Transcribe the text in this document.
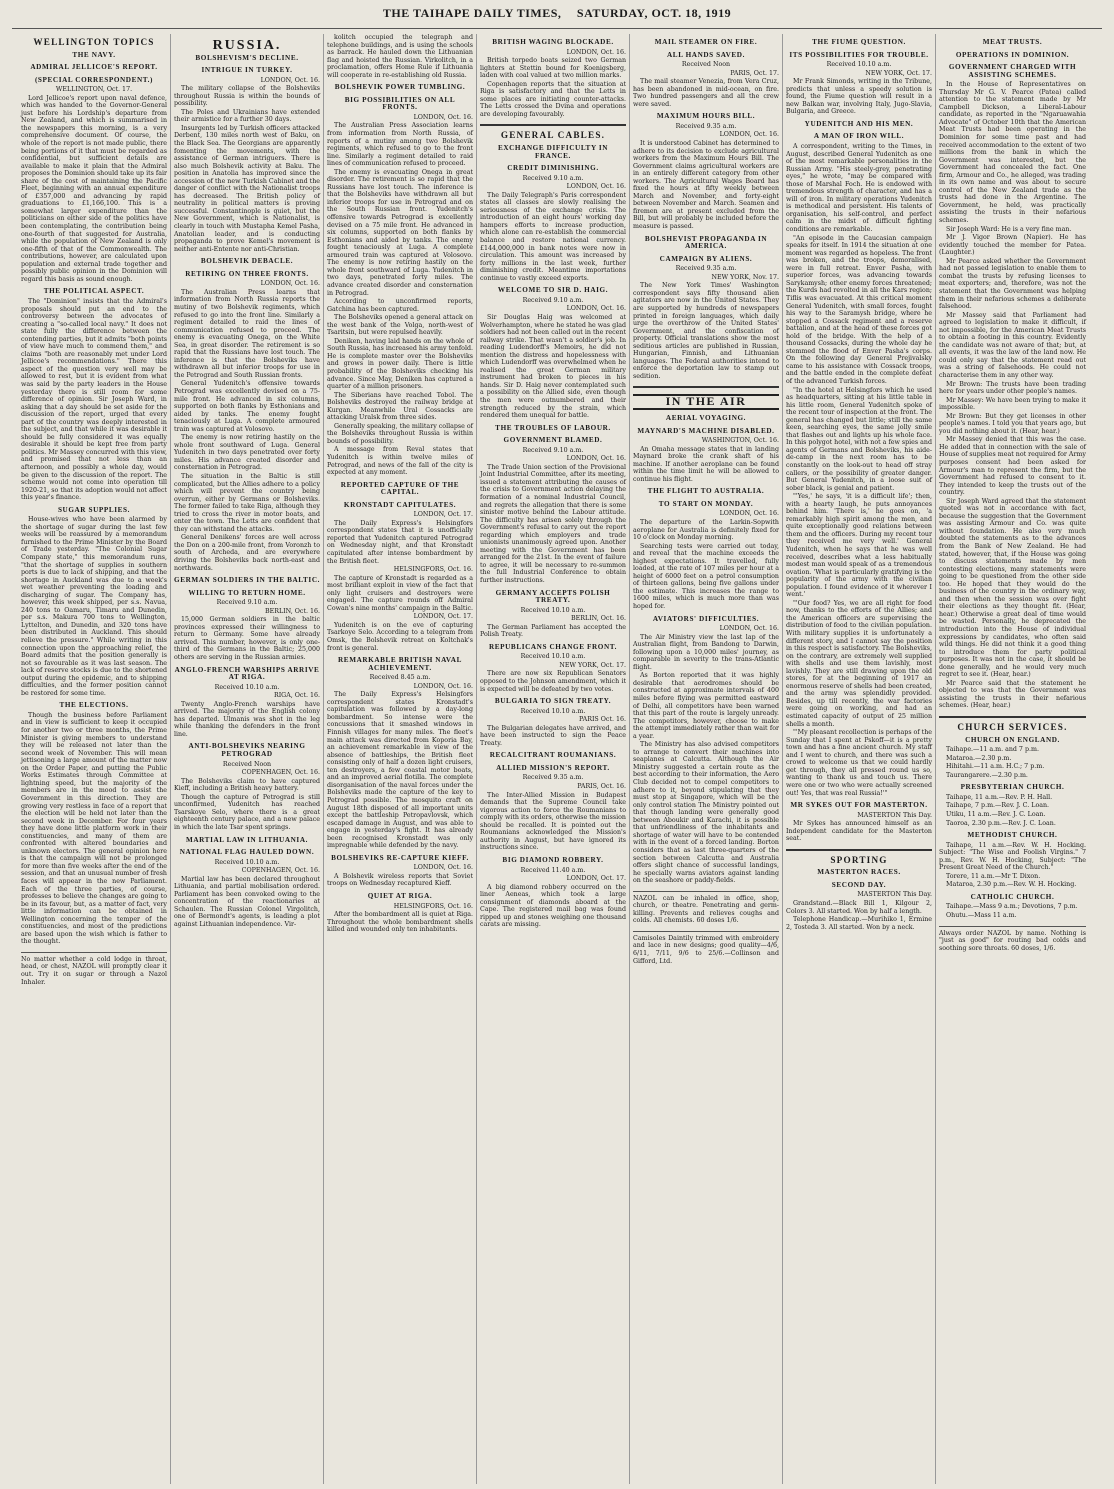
THE TAIHAPE DAILY TIMES, SATURDAY, OCT. 18, 1919
WELLINGTON TOPICS
THE NAVY.
ADMIRAL JELLICOE'S REPORT.
(SPECIAL CORRESPONDENT.)

WELLINGTON, Oct. 17.

Lord Jellicoe's report upon naval defence, which was handed to the Governor-General just before his Lordship's departure from New Zealand, and which is summarised in the newspapers this morning, is a very comprehensive document. Of course, the whole of the report is not made public, there being portions of it that must be regarded as confidential, but sufficient details are available to make it plain that the Admiral proposes the Dominion should take up its fair share of the cost of maintaining the Pacific Fleet, beginning with an annual expenditure of £357,000 and advancing by rapid graduations to £1,166,100. This is a somewhat larger expenditure than the politicians on either side of the politics have been contemplating, the contribution being one-fourth of that suggested for Australia, while the population of New Zealand is only one-fifth of that of the Commonwealth. The contributions, however, are calculated upon population and external trade together and possibly public opinion in the Dominion will regard this basis as sound enough.

THE POLITICAL ASPECT.

The "Dominion" insists that the Admiral's proposals should put an end to the controversy between the advocates of creating a "so-called local navy." It does not state fully the difference between the contending parties, but it admits "both points of view have much to commend them," and claims "both are reasonably met under Lord Jellicoe's recommendations." There this aspect of the question very well may be allowed to rest, but it is evident from what was said by the party leaders in the House yesterday there is still room for some difference of opinion. Sir Joseph Ward, in asking that a day should be set aside for the discussion of the report, urged that every part of the country was deeply interested in the subject, and that while it was desirable it should be fully considered it was equally desirable it should be kept free from party politics. Mr Massey concurred with this view, and promised that not less than an afternoon, and possibly a whole day, would be given to the discussion of the report. The scheme would not come into operation till 1920-21, so that its adoption would not affect this year's finance.

SUGAR SUPPLIES.

House-wives who have been alarmed by the shortage of sugar during the last few weeks will be reassured by a memorandum furnished to the Prime Minister by the Board of Trade yesterday. "The Colonial Sugar Company state," this memorandum runs, "that the shortage of supplies in southern ports is due to lack of shipping, and that the shortage in Auckland was due to a week's wet weather preventing the loading and discharging of sugar. The Company has, however, this week shipped, per s.s. Navua, 240 tons to Oamaru, Timaru and Dunedin, per s.s. Makura 700 tons to Wellington, Lyttelton, and Dunedin, and 320 tons have been distributed in Auckland. This should relieve the pressure." While writing in this connection upon the approaching relief, the Board admits that the position generally is not so favourable as it was last season. The lack of reserve stocks is due to the shortened output during the epidemic, and to shipping difficulties, and the former position cannot be restored for some time.

THE ELECTIONS.

Though the business before Parliament and in view is sufficient to keep it occupied for another two or three months, the Prime Minister is giving members to understand they will be released not later than the second week of November. This will mean jettisoning a large amount of the matter now on the Order Paper, and putting the Public Works Estimates through Committee at lightning speed, but the majority of the members are in the mood to assist the Government in this direction. They are growing very restless in face of a report that the election will be held not later than the second week in December. For four years they have done little platform work in their constituencies, and many of them are confronted with altered boundaries and unknown electors. The general opinion here is that the campaign will not be prolonged for more than five weeks after the end of the session, and that an unusual number of fresh faces will appear in the new Parliament. Each of the three parties, of course, professes to believe the changes are going to be in its favour, but, as a matter of fact, very little information can be obtained in Wellington concerning the temper of the constituencies, and most of the predictions are based upon the wish which is father to the thought.

No matter whether a cold lodge in throat, head, or chest, NAZOL will promptly clear it out. Try it on sugar or through a Nazol Inhaler.
RUSSIA.
BOLSHEVISM'S DECLINE.
INTRIGUE IN TURKEY.

LONDON, Oct. 16.

The military collapse of the Bolsheviks throughout Russia is within the bounds of possibility.

The Poles and Ukrainians have extended their armistice for a further 30 days.

Insurgents led by Turkish officers attacked Derbent, 130 miles north west of Baku, on the Black Sea. The Georgians are apparently fomenting the movements, with the assistance of German intriguers. There is also much Bolshevik activity at Baku. The position in Anatolia has improved since the accession of the new Turkish Cabinet and the danger of conflict with the Nationalist troops has decreased. The British policy of neutrality in political matters is proving successful. Constantinople is quiet, but the New Government, which is Nationalist, is clearly in touch with Mustapha Kemel Pasha, Anatolian leader, and is conducting propaganda to prove Kemel's movement is neither anti-Entente nor anti-Christian.

BOLSHEVIK DEBACLE.
RETIRING ON THREE FRONTS.

LONDON, Oct. 16.

The Australian Press learns that information from North Russia reports the mutiny of two Bolshevik regiments, which refused to go into the front line. Similarly a regiment detailed to raid the lines of communication refused to proceed. The enemy is evacuating Onega, on the White Sea, in great disorder. The retirement is so rapid that the Russians have lost touch. The inference is that the Bolsheviks have withdrawn all but inferior troops for use in the Petrograd and South Russian fronts.

General Yudenitch's offensive towards Petrograd was excellently devised on a 75-mile front. He advanced in six columns, supported on both flanks by Esthonians and aided by tanks. The enemy fought tenaciously at Luga. A complete armoured train was captured at Volosovo.

The enemy is now retiring hastily on the whole front southward of Luga. General Yudenitch in two days penetrated over forty miles. His advance created disorder and consternation in Petrograd.

The situation in the Baltic is still complicated, but the Allies adhere to a policy which will prevent the country being overrun, either by Germans or Bolsheviks. The former failed to take Riga, although they tried to cross the river in motor boats, and enter the town. The Letts are confident that they can withstand the attacks.

General Denikens' forces are well across the Don on a 200-mile front, from Voronzh to south of Archeda, and are everywhere driving the Bolsheviks back north-east and northwards.

GERMAN SOLDIERS IN THE BALTIC.
WILLING TO RETURN HOME.

Received 9.10 a.m.

BERLIN, Oct. 16.

15,000 German soldiers in the baltic provinces expressed their willingness to return to Germany. Some have already arrived. This number, however, is only one-third of the Germans in the Baltic; 25,000 others are serving in the Russian armies.

ANGLO-FRENCH WARSHIPS ARRIVE AT RIGA.

Received 10.10 a.m.

RIGA, Oct. 16.

Twenty Anglo-French warships have arrived. The majority of the English colony has departed. Ulmanis was shot in the leg while thanking the defenders in the front line.

ANTI-BOLSHEVIKS NEARING PETROGRAD

Received Noon

COPENHAGEN, Oct. 16.

The Bolsheviks claim to have captured Kieff, including a British heavy battery.

Though the capture of Petrograd is still unconfirmed, Yudenitch has reached Tsarskoye Selo, where there is a great eighteenth century palace, and a new palace in which the late Tsar spent springs.

MARTIAL LAW IN LITHUANIA.
NATIONAL FLAG HAULED DOWN.

Received 10.10 a.m.

COPENHAGEN, Oct. 16.

Martial law has been declared throughout Lithuania, and partial mobilisation ordered. Parliament has been convoked owing to the concentration of the reactionaries at Schaulen. The Russian Colonel Virgolitch, one of Bermondt's agents, is leading a plot against Lithuanian independence. Vir-

kolitch occupied the telegraph and telephone buildings, and is using the schools as barrack. He hauled down the Lithuanian flag and hoisted the Russian. Virkolitch, in a proclamation, offers Home Rule if Lithuania will cooperate in re-establishing old Russia.

BOLSHEVIK POWER TUMBLING.
BIG POSSIBILITIES ON ALL FRONTS.

LONDON, Oct. 16.

The Australian Press Association learns from information from North Russia, of reports of a mutiny among two Bolshevik regiments, which refused to go to the front line. Similarly a regiment detailed to raid lines of communication refused to proceed.

The enemy is evacuating Onega in great disorder. The retirement is so rapid that the Russians have lost touch. The inference is that the Bolsheviks have withdrawn all but inferior troops for use in Petrograd and on the South Russian front. Yudenitch's offensive towards Petrograd is excellently devised on a 75 mile front. He advanced in six columns, supported on both flanks by Esthonians and aided by tanks. The enemy fought tenaciously at Luga. A complete armoured train was captured at Volosovo. The enemy is now retiring hastily on the whole front southward of Luga. Yudenitch in two days, penetrated forty miles. The advance created disorder and consternation in Petrograd.

According to unconfirmed reports, Gatchina has been captured.

The Bolsheviks opened a general attack on the west bank of the Volga, north-west of Tsaritsin, but were repulsed heavily.

Deniken, having laid hands on the whole of South Russia, has increased his army tenfold. He is complete master over the Bolsheviks and grows in power daily. There is little probability of the Bolsheviks checking his advance. Since May, Deniken has captured a quarter of a million prisoners.

The Siberians have reached Tobol. The Bolsheviks destroyed the railway bridge at Kurgan. Meanwhile Ural Cossacks are attacking Uralsk from three sides.

Generally speaking, the military collapse of the Bolsheviks throughout Russia is within bounds of possibility.

A message from Reval states that Yudenitch is within twelve miles of Petrograd, and news of the fall of the city is expected at any moment.

REPORTED CAPTURE OF THE CAPITAL.
KRONSTADT CAPITULATES.

LONDON, Oct. 17.

The Daily Express's Helsingfors correspondent states that it is unofficially reported that Yudenitch captured Petrograd on Wednesday night, and that Kronstadt capitulated after intense bombardment by the British fleet.

HELSINGFORS, Oct. 16.

The capture of Kronstadt is regarded as a most brilliant exploit in view of the fact that only light cruisers and destroyers were engaged. The capture rounds off Admiral Cowan's nine months' campaign in the Baltic.

LONDON, Oct. 17.

Yudenitch is on the eve of capturing Tsarkoye Selo. According to a telegram from Omsk, the Bolshevik retreat on Koltchak's front is general.

REMARKABLE BRITISH NAVAL ACHIEVEMENT.

Received 8.45 a.m.

LONDON, Oct. 16.

The Daily Express's Helsingfors correspondent states Kronstadt's capitulation was followed by a day-long bombardment. So intense were the concussions that it smashed windows in Finnish villages for many miles. The fleet's main attack was directed from Koporia Bay, an achievement remarkable in view of the absence of battleships, the British fleet consisting only of half a dozen light cruisers, ten destroyers, a few coastal motor boats, and an improved aerial flotilla. The complete disorganisation of the naval forces under the Bolsheviks made the capture of the key to Petrograd possible. The mosquito craft on August 18th disposed of all important units except the battleship Petropavlovsk, which escaped damage in August, and was able to engage in yesterday's fight. It has already been recognised Kronstadt was only impregnable while defended by the navy.

BOLSHEVIKS RE-CAPTURE KIEFF.

LONDON, Oct. 16.

A Bolshevik wireless reports that Soviet troops on Wednesday recaptured Kieff.

QUIET AT RIGA.

HELSINGFORS, Oct. 16.

After the bombardment all is quiet at Riga. Throughout the whole bombardment shells killed and wounded only ten inhabitants.

BRITISH WAGING BLOCKADE.

LONDON, Oct. 16.

British torpedo boats seized two German lighters at Stettin bound for Koenigsberg, laden with coal valued at two million marks.

Copenhagen reports that the situation at Riga is satisfactory and that the Letts in some places are initiating counter-attacks. The Letts crossed the Dvina and operations are developing favourably.

GENERAL CABLES.
EXCHANGE DIFFICULTY IN FRANCE.
CREDIT DIMINISHING.

Received 9.10 a.m.

LONDON, Oct. 16.

The Daily Telegraph's Paris correspondent states all classes are slowly realising the seriousness of the exchange crisis. The introduction of an eight hours' working day hampers efforts to increase production, which alone can re-establish the commercial balance and restore national currency. £144,000,000 in bank notes were now in circulation. This amount was increased by forty millions in the last week, further diminishing credit. Meantime importations continue to vastly exceed exports.

WELCOME TO SIR D. HAIG.

Received 9.10 a.m.

LONDON, Oct. 16.

Sir Douglas Haig was welcomed at Wolverhampton, where he stated he was glad soldiers had not been called out in the recent railway strike. That wasn't a soldier's job. In reading Ludendorff's Memoirs, he did not mention the distress and hopelessness with which Ludendorff was overwhelmed when he realised the great German military instrument had broken to pieces in his hands. Sir D. Haig never contemplated such a possibility on the Allied side, even though the men were outnumbered and their strength reduced by the strain, which rendered them unequal for battle.

THE TROUBLES OF LABOUR.
GOVERNMENT BLAMED.

Received 9.10 a.m.

LONDON, Oct. 16.

The Trade Union section of the Provisional Joint Industrial Committee, after its meeting, issued a statement attributing the causes of the crisis to Government action delaying the formation of a nominal Industrial Council, and regrets the allegation that there is some sinister motive behind the Labour attitude. The difficulty has arisen solely through the Government's refusal to carry out the report regarding which employers and trade unionists unanimously agreed upon. Another meeting with the Government has been arranged for the 21st. In the event of failure to agree, it will be necessary to re-summon the full Industrial Conference to obtain further instructions.

GERMANY ACCEPTS POLISH TREATY.

Received 10.10 a.m.

BERLIN, Oct. 16.

The German Parliament has accepted the Polish Treaty.

REPUBLICANS CHANGE FRONT.

Received 10.10 a.m.

NEW YORK, Oct. 17.

There are now six Republican Senators opposed to the Johnson amendment, which it is expected will be defeated by two votes.

BULGARIA TO SIGN TREATY.

Received 10.10 a.m.

PARIS Oct. 16.

The Bulgarian delegates have arrived, and have been instructed to sign the Peace Treaty.

RECALCITRANT ROUMANIANS.
ALLIED MISSION'S REPORT.

Received 9.35 a.m.

PARIS, Oct. 16.

The Inter-Allied Mission in Budapest demands that the Supreme Council take vigorous action to force the Roumanians to comply with its orders, otherwise the mission should be recalled. It is pointed out the Roumanians acknowledged the Mission's authority in August, but have ignored its instructions since.

BIG DIAMOND ROBBERY.

Received 11.40 a.m.

LONDON, Oct. 17.

A big diamond robbery occurred on the liner Aeneas, which took a large consignment of diamonds aboard at the Cape. The registered mail bag was found ripped up and stones weighing one thousand carats are missing.

MAIL STEAMER ON FIRE.
ALL HANDS SAVED.

Received Noon

PARIS, Oct. 17.

The mail steamer Venezia, from Vera Cruz, has been abandoned in mid-ocean, on fire. Two hundred passengers and all the crew were saved.

MAXIMUM HOURS BILL.

Received 9.35 a.m.

LONDON, Oct. 16.

It is understood Cabinet has determined to adhere to its decision to exclude agricultural workers from the Maximum Hours Bill. The Government claims agricultural workers are in an entirely different category from other workers. The Agricultural Wages Board has fixed the hours at fifty weekly between March and November, and forty-eight between November and March. Seamen and firemen are at present excluded from the Bill, but will probably be included before the measure is passed.

BOLSHEVIST PROPAGANDA IN AMERICA.
CAMPAIGN BY ALIENS.

Received 9.35 a.m.

NEW YORK, Nov. 17.

The New York Times' Washington correspondent says fifty thousand alien agitators are now in the United States. They are supported by hundreds of newspapers printed in foreign languages, which daily urge the overthrow of the United States' Government, and the confiscation of property. Official translations show the most seditious articles are published in Russian, Hungarian, Finnish, and Lithuanian languages. The Federal authorities intend to enforce the deportation law to stamp out sedition.

IN THE AIR
AERIAL VOYAGING.
MAYNARD'S MACHINE DISABLED.

WASHINGTON, Oct. 16.

An Omaha message states that in landing Maynard broke the crank shaft of his machine. If another aeroplane can be found within the time limit he will be allowed to continue his flight.

THE FLIGHT TO AUSTRALIA.
TO START ON MONDAY.

LONDON, Oct. 16.

The departure of the Larkin-Sopwith aeroplane for Australia is definitely fixed for 10 o'clock on Monday morning.

Searching tests were carried out today, and reveal that the machine exceeds the highest expectations. It travelled, fully loaded, at the rate of 107 miles per hour at a height of 6000 feet on a petrol consumption of thirteen gallons, being five gallons under the estimate. This increases the range to 1600 miles, which is much more than was hoped for.

AVIATORS' DIFFICULTIES.

LONDON, Oct. 16.

The Air Ministry view the last lap of the Australian flight, from Bandong to Darwin, following upon a 10,000 miles' journey, as comparable in severity to the trans-Atlantic flight.

As Borton reported that it was highly desirable that aerodromes should be constructed at approximate intervals of 400 miles before flying was permitted eastward of Delhi, all competitors have been warned that this part of the route is largely unready. The competitors, however, choose to make the attempt immediately rather than wait for a year.

The Ministry has also advised competitors to arrange to convert their machines into seaplanes at Calcutta. Although the Air Ministry suggested a certain route as the best according to their information, the Aero Club decided not to compel competitors to adhere to it, beyond stipulating that they must stop at Singapore, which will be the only control station The Ministry pointed out that though landing were generally good between Aboukir and Karachi, it is possible that unfriendliness of the inhabitants and shortage of water will have to be contended with in the event of a forced landing. Borton considers that as last three-quarters of the section between Calcutta and Australia offers slight chance of successful landings, he specially warns aviators against landing on the seashore or paddy-fields.

NAZOL can be inhaled in office, shop, church, or theatre. Penetrating and germ-killing. Prevents and relieves coughs and colds. All chemists. 60 doses 1/6.
Camisoles Daintily trimmed with embroidery and lace in new designs; good quality—4/6, 6/11, 7/11, 9/6 to 25/6.—Collinson and Gifford, Ltd.
THE FIUME QUESTION.
ITS POSSIBILITIES FOR TROUBLE.

Received 10.10 a.m.

NEW YORK, Oct. 17.

Mr Frank Simonds, writing in the Tribune, predicts that unless a speedy solution is found, the Fiume question will result in a new Balkan war, involving Italy, Jugo-Slavia, Bulgaria, and Greece.

YUDENITCH AND HIS MEN.
A MAN OF IRON WILL.

A correspondent, writing to the Times, in August, described General Yudenitch as one of the most remarkable personalities in the Russian Army. "His steely-grey, penetrating eyes," he wrote, "may be compared with those of Marshal Foch. He is endowed with tremendous strength of character, and has a will of iron. In military operations Yudenitch is methodical and persistent. His talents of organisation, his self-control, and perfect calm in the midst of difficult fighting conditions are remarkable.

"An episode in the Caucasian campaign speaks for itself. In 1914 the situation at one moment was regarded as hopeless. The front was broken, and the troops, demoralised, were in full retreat. Enver Pasha, with superior forces, was advancing towards Sarykamysh; other enemy forces threatened; the Kurds had revolted in all the Kars region; Tiflis was evacuated. At this critical moment General Yudenitch, with small forces, fought his way to the Saramysh bridge, where he stopped a Cossack regiment and a reserve battalion, and at the head of these forces got hold of the bridge. With the help of a thousand Cossacks, during the whole day he stemmed the flood of Enver Pasha's corps. On the following day General Prejivalsky came to his assistance with Cossack troops, and the battle ended in the complete defeat of the advanced Turkish forces.

"In the hotel at Helsingfors which he used as headquarters, sitting at his little table in his little room, General Yudenitch spoke of the recent tour of inspection at the front. The general has changed but little; still the same keen, searching eyes, the same jolly smile that flashes out and lights up his whole face. In this polygot hotel, with not a few spies and agents of Germans and Bolsheviks, his aide-de-camp in the next room has to be constantly on the look-out to head off stray callers, or the possibility of greater danger. But General Yudenitch, in a loose suit of sober black, is genial and patient.

"'Yes,' he says, 'it is a difficult life'; then, with a hearty laugh, he puts annoyances behind him. 'There is,' he goes on, 'a remarkably high spirit among the men, and quite exceptionally good relations between them and the officers. During my recent tour they received me very well.' General Yudenitch, when he says that he was well received, describes what a less habitually modest man would speak of as a tremendous ovation. 'What is particularly gratifying is the popularity of the army with the civilian population. I found evidence of it wherever I went.'

"'Our food? Yes, we are all right for food now, thanks to the efforts of the Allies; and the American officers are supervising the distribution of food to the civilian population. With military supplies it is unfortunately a different story, and I cannot say the position in this respect is satisfactory. The Bolsheviks, on the contrary, are extremely well supplied with shells and use them lavishly, most lavishly. They are still drawing upon the old stores, for at the beginning of 1917 an enormous reserve of shells had been created, and the army was splendidly provided. Besides, up till recently, the war factories were going on working, and had an estimated capacity of output of 25 million shells a month.

"'My pleasant recollection is perhaps of the Sunday that I spent at Pskoff—it is a pretty town and has a fine ancient church. My staff and I went to church, and there was such a crowd to welcome us that we could hardly get through, they all pressed round us so, wanting to thank us and touch us. There were one or two who were actually screened out! Yes, that was real Russia!'"

MR SYKES OUT FOR MASTERTON.

MASTERTON This Day.

Mr Sykes has announced himself as an Independent candidate for the Masterton seat.

SPORTING
MASTERTON RACES.
SECOND DAY.

MASTERTON This Day.

Grandstand.—Black Bill 1, Kilgour 2, Colors 3. All started. Won by half a length.

Telephone Handicap.—Murihiko 1, Ermine 2, Tosteda 3. All started. Won by a neck.

MEAT TRUSTS.
OPERATIONS IN DOMINION.
GOVERNMENT CHARGED WITH ASSISTING SCHEMES.

In the House of Representatives on Thursday Mr G. V. Pearce (Patea) called attention to the statement made by Mr Campbell Dickson, a Liberal-Labour candidate, as reported in the "Ngaruawahia Advocate" of October 10th that the American Meat Trusts had been operating in the Dominion for some time past and had received accommodation to the extent of two millions from the bank in which the Government was interested, but the Government had concealed the fact. One firm, Armour and Co., he alleged, was trading in its own name and was about to secure control of the New Zealand trade as the trusts had done in the Argentine. The Government, he held, was practically assisting the trusts in their nefarious schemes.

Sir Joseph Ward: He is a very fine man.

Mr J. Vigor Brown (Napier). He has evidently touched the member for Patea. (Laughter.)

Mr Pearce asked whether the Government had not passed legislation to enable them to combat the trusts by refusing licenses to meat exporters; and, therefore, was not the statement that the Government was helping them in their nefarious schemes a deliberate falsehood.

Mr Massey said that Parliament had agreed to legislation to make it difficult, if not impossible, for the American Meat Trusts to obtain a footing in this country. Evidently the candidate was not aware of that; but, at all events, it was the law of the land now. He could only say that the statement read out was a string of falsehoods. He could not characterise them in any other way.

Mr Brown: The trusts have been trading here for years under other people's names.

Mr Massey: We have been trying to make it impossible.

Mr Brown: But they get licenses in other people's names. I told you that years ago, but you did nothing about it. (Hear, hear.)

Mr Massey denied that this was the case. He added that in connection with the sale of House of supplies meat not required for Army purposes consent had been asked for Armour's man to represent the firm, but the Government had refused to consent to it. They intended to keep the trusts out of the country.

Sir Joseph Ward agreed that the statement quoted was not in accordance with fact, because the suggestion that the Government was assisting Armour and Co. was quite without foundation. He also very much doubted the statements as to the advances from the Bank of New Zealand. He had stated, however, that, if the House was going to discuss statements made by men contesting elections, many statements were going to be questioned from the other side too. He hoped that they would do the business of the country in the ordinary way, and then when the session was over fight their elections as they thought fit. (Hear, hear.) Otherwise a great deal of time would be wasted. Personally, he deprecated the introduction into the House of individual expressions by candidates, who often said wild things. He did not think it a good thing to introduce them for party political purposes. It was not in the case, it should be done generally, and he would very much regret to see it. (Hear, hear.)

Mr Pearce said that the statement he objected to was that the Government was assisting the trusts in their nefarious schemes. (Hear, hear.)

CHURCH SERVICES.
CHURCH ON ENGLAND.

Taihape.—11 a.m. and 7 p.m.

Mataroa.—2.30 p.m.

Hihitahi.—11 a.m. H.C.; 7 p.m.

Taurangarere.—2.30 p.m.

PRESBYTERIAN CHURCH.

Taihape, 11 a.m.—Rev. P. H. Hall.

Taihape, 7 p.m.—Rev. J. C. Loan.

Utiku, 11 a.m.—Rev. J. C. Loan.

Taoroa, 2.30 p.m.—Rev. J. C. Loan.

METHODIST CHURCH.

Taihape, 11 a.m.—Rev. W. H. Hocking. Subject: "The Wise and Foolish Virgins." 7 p.m., Rev. W. H. Hocking, Subject: "The Present Great Need of the Church."

Torere, 11 a.m.—Mr T. Dixon.

Mataroa, 2.30 p.m.—Rev. W. H. Hocking.

CATHOLIC CHURCH.

Taihape.—Mass 9 a.m.; Devotions, 7 p.m.

Ohutu.—Mass 11 a.m.

Always order NAZOL by name. Nothing is "just as good" for routing bad colds and soothing sore throats. 60 doses, 1/6.
